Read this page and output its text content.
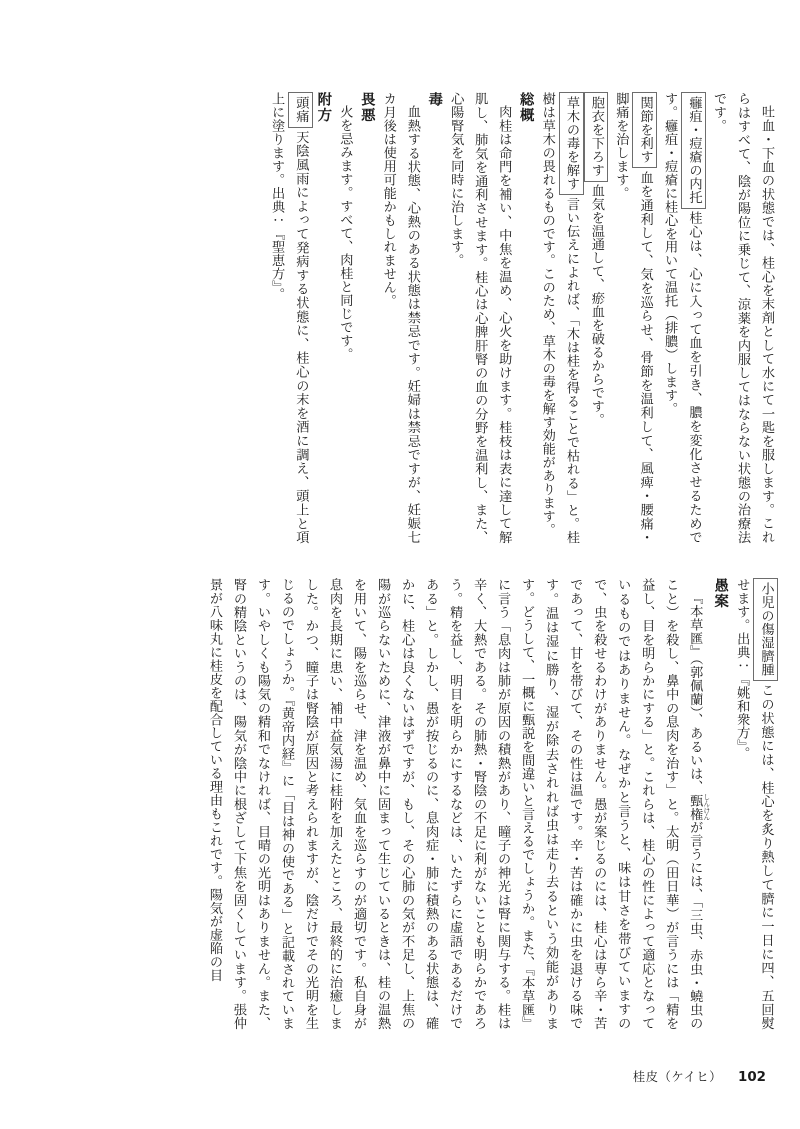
吐血・下血の状態では、桂心を末剤として水にて一匙を服します。これらはすべて、陰が陽位に乗じて、涼薬を内服してはならない状態の治療法です。

癰疽・痘瘡の内托桂心は、心に入って血を引き、膿を変化させるためです。癰疽・痘瘡に桂心を用いて温托（排膿）します。

関節を利す血を通利して、気を巡らせ、骨節を温利して、風痺・腰痛・脚痛を治します。

胞衣を下ろす血気を温通して、瘀血を破るからです。

草木の毒を解す言い伝えによれば、「木は桂を得ることで枯れる」と。桂樹は草木の畏れるものです。このため、草木の毒を解す効能があります。

総概

肉桂は命門を補い、中焦を温め、心火を助けます。桂枝は表に達して解肌し、肺気を通利させます。桂心は心脾肝腎の血の分野を温利し、また、心陽腎気を同時に治します。

毒

血熱する状態、心熱のある状態は禁忌です。妊婦は禁忌ですが、妊娠七カ月後は使用可能かもしれません。

畏悪

火を忌みます。すべて、肉桂と同じです。

附方

頭痛天陰風雨によって発病する状態に、桂心の末を酒に調え、頭上と項上に塗ります。出典：『聖恵方』。

小児の傷湿臍腫この状態には、桂心を炙り熱して臍に一日に四、五回熨せます。出典：『姚和衆方』。

愚案

『本草匯』（郭佩蘭）、あるいは、甄権 しんけんが言うには、「三虫、赤虫・蟯虫のこと）を殺し、鼻中の息肉を治す」と。太明（田日華）が言うには「精を益し、目を明らかにする」と。これらは、桂心の性によって適応となっているものではありません。なぜかと言うと、味は甘さを帯びていますので、虫を殺せるわけがありません。愚が案じるのには、桂心は専ら辛・苦であって、甘を帯びて、その性は温です。辛・苦は確かに虫を退ける味です。温は湿に勝り、湿が除去されれば虫は走り去るという効能があります。どうして、一概に甄説を間違いと言えるでしょうか。また、『本草匯』に言う「息肉は肺が原因の積熱があり、瞳子の神光は腎に関与する。桂は辛く、大熱である。その肺熱・腎陰の不足に利がないことも明らかであろう。精を益し、明目を明らかにするなどは、いたずらに虚語であるだけである」と。しかし、愚が按じるのに、息肉症・肺に積熱のある状態は、確かに、桂心は良くないはずですが、もし、その心肺の気が不足し、上焦の陽が巡らないために、津液が鼻中に固まって生じているときは、桂の温熱を用いて、陽を巡らせ、津を温め、気血を巡らすのが適切です。私自身が息肉を長期に患い、補中益気湯に桂附を加えたところ、最終的に治癒しました。かつ、瞳子は腎陰が原因と考えられますが、陰だけでその光明を生じるのでしょうか。『黄帝内経』に「目は神の使である」と記載されています。いやしくも陽気の精和でなければ、目晴の光明はありません。また、腎の精陰というのは、陽気が陰中に根ざして下焦を固くしています。張仲景が八味丸に桂皮を配合している理由もこれです。陽気が虚陥の目

桂皮（ケイヒ） 102
